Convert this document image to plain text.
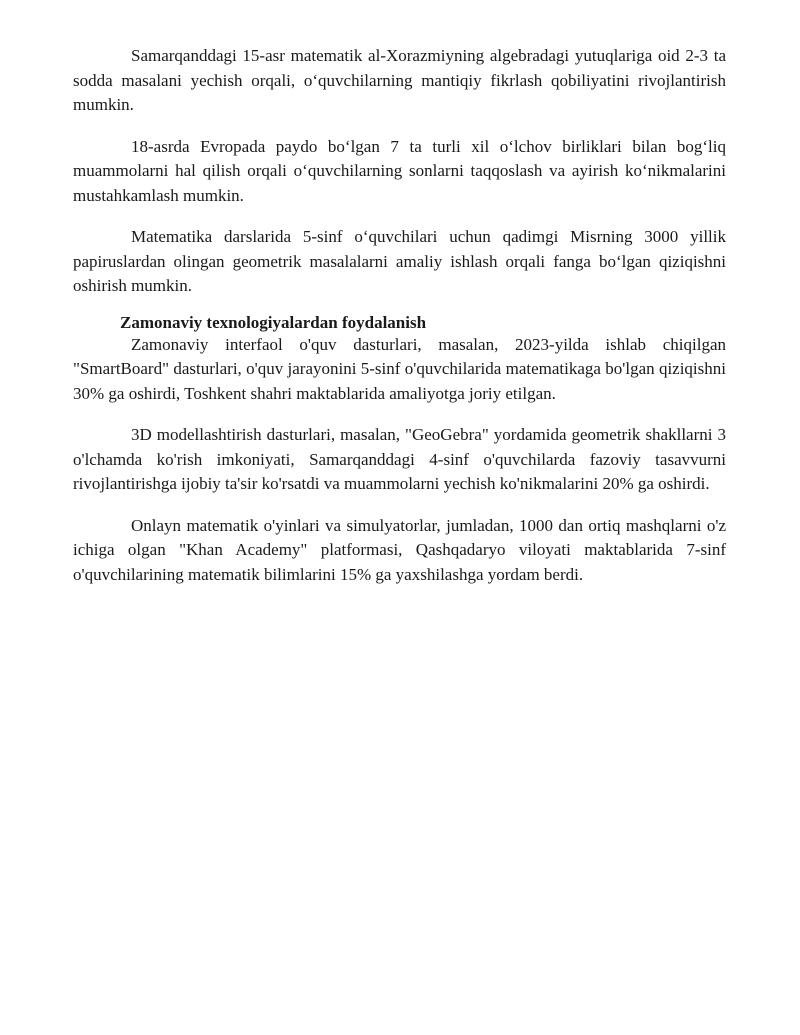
Samarqanddagi 15-asr matematik al-Xorazmiyning algebradagi yutuqlariga oid 2-3 ta sodda masalani yechish orqali, o‘quvchilarning mantiqiy fikrlash qobiliyatini rivojlantirish mumkin.

18-asrda Evropada paydo bo‘lgan 7 ta turli xil o‘lchov birliklari bilan bog‘liq muammolarni hal qilish orqali o‘quvchilarning sonlarni taqqoslash va ayirish ko‘nikmalarini mustahkamlash mumkin.

Matematika darslarida 5-sinf o‘quvchilari uchun qadimgi Misrning 3000 yillik papiruslardan olingan geometrik masalalarni amaliy ishlash orqali fanga bo‘lgan qiziqishni oshirish mumkin.

Zamonaviy texnologiyalardan foydalanish

Zamonaviy interfaol o'quv dasturlari, masalan, 2023-yilda ishlab chiqilgan "SmartBoard" dasturlari, o'quv jarayonini 5-sinf o'quvchilarida matematikaga bo'lgan qiziqishni 30% ga oshirdi, Toshkent shahri maktablarida amaliyotga joriy etilgan.

3D modellashtirish dasturlari, masalan, "GeoGebra" yordamida geometrik shakllarni 3 o'lchamda ko'rish imkoniyati, Samarqanddagi 4-sinf o'quvchilarda fazoviy tasavvurni rivojlantirishga ijobiy ta'sir ko'rsatdi va muammolarni yechish ko'nikmalarini 20% ga oshirdi.

Onlayn matematik o'yinlari va simulyatorlar, jumladan, 1000 dan ortiq mashqlarni o'z ichiga olgan "Khan Academy" platformasi, Qashqadaryo viloyati maktablarida 7-sinf o'quvchilarining matematik bilimlarini 15% ga yaxshilashga yordam berdi.
